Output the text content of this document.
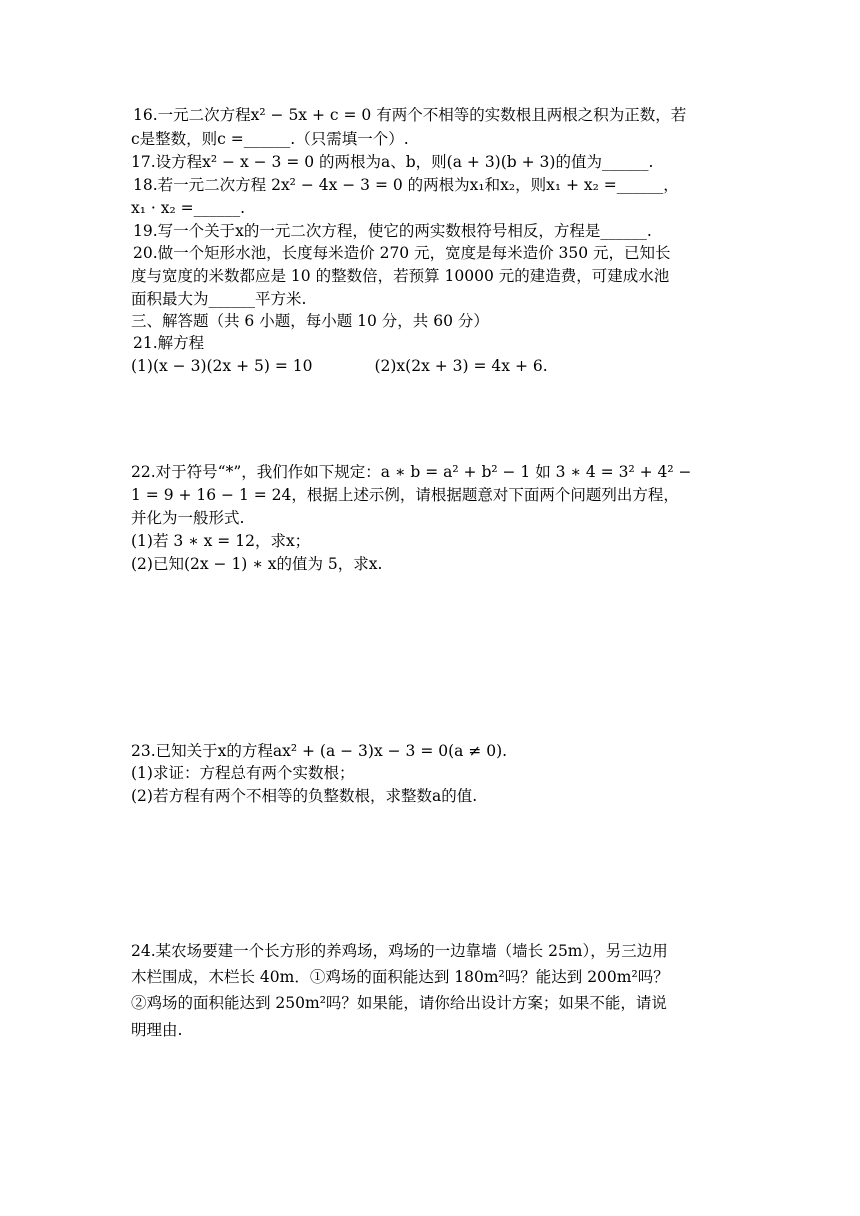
16.一元二次方程x² − 5x + c = 0 有两个不相等的实数根且两根之积为正数，若
c是整数，则c =______.（只需填一个）.
17.设方程x² − x − 3 = 0 的两根为a、b，则(a + 3)(b + 3)的值为______.
18.若一元二次方程 2x² − 4x − 3 = 0 的两根为x₁和x₂，则x₁ + x₂ =______，
x₁ · x₂ =______.
19.写一个关于x的一元二次方程，使它的两实数根符号相反，方程是______.
20.做一个矩形水池，长度每米造价 270 元，宽度是每米造价 350 元，已知长
度与宽度的米数都应是 10 的整数倍，若预算 10000 元的建造费，可建成水池
面积最大为______平方米.
三、解答题（共 6 小题，每小题 10 分，共 60 分）
21.解方程
(1)(x − 3)(2x + 5) = 10	(2)x(2x + 3) = 4x + 6.
22.对于符号“*”，我们作如下规定：a ∗ b = a² + b² − 1 如 3 ∗ 4 = 3² + 4² −
1 = 9 + 16 − 1 = 24，根据上述示例，请根据题意对下面两个问题列出方程，
并化为一般形式.
(1)若 3 ∗ x = 12，求x；
(2)已知(2x − 1) ∗ x的值为 5，求x.
23.已知关于x的方程ax² + (a − 3)x − 3 = 0(a ≠ 0).
(1)求证：方程总有两个实数根；
(2)若方程有两个不相等的负整数根，求整数a的值.
24.某农场要建一个长方形的养鸡场，鸡场的一边靠墙（墙长 25m），另三边用
木栏围成，木栏长 40m．①鸡场的面积能达到 180m²吗？能达到 200m²吗？
②鸡场的面积能达到 250m²吗？如果能，请你给出设计方案；如果不能，请说
明理由.
